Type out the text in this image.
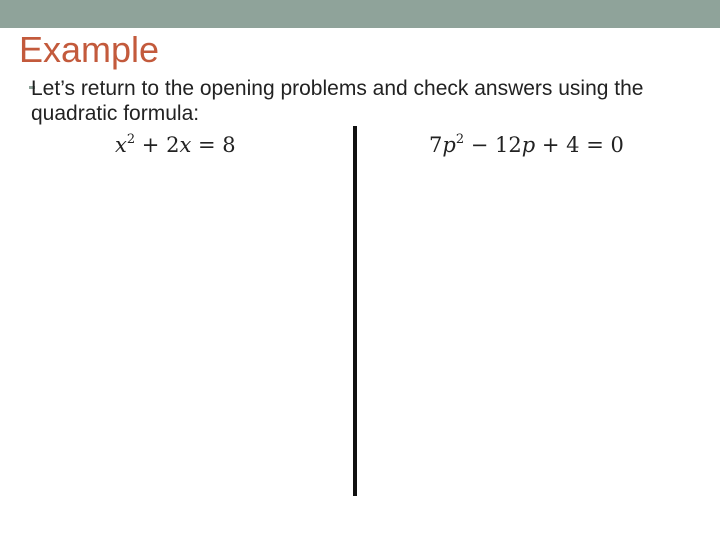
Example
Let’s return to the opening problems and check answers using the quadratic formula:
$x^2 + 2x = 8$	$7p^2 - 12p + 4 = 0$
